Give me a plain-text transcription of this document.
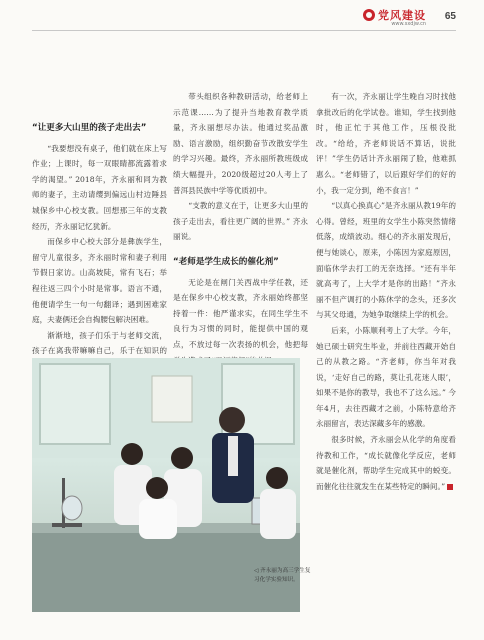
党风建设
www.sxdjw.cn
65
“让更多大山里的孩子走出去”

“我要想没有桌子，他们就在床上写作业；上课时，每一双眼睛都流露着求学的渴望。” 2018年，齐永丽和同为教师的妻子，主动请缨到偏远山村边陲县城保乡中心校支教。回想那三年的支教经历，齐永丽记忆犹新。

而保乡中心校大部分是彝族学生，留守儿童很多，齐永丽时常和妻子利用节假日家访。山高坡陡，常有飞石；举程往返三四个小时是常事。语言不通，他便请学生一句一句翻译；遇到困难家庭，夫妻俩还会自掏腰包解决困难。

渐渐地，孩子们乐于与老师交流，孩子在离我带嘛嘛自己，乐于在知识的

带头组织各种教研活动，给老师上示范课……为了提升当地教育教学质量，齐永丽想尽办法。他通过奖品激励、语言激励，组织勤奋节改散安学生的学习兴趣。最终，齐永丽所教班级成绩大幅提升，2020级超过20人考上了普洱县民族中学等优质初中。

“支教的意义在于，让更多大山里的孩子走出去，看往更广阔的世界。” 齐永丽说。

“老师是学生成长的催化剂”

无论是在闸门关西战中学任教，还是在保乡中心校支教，齐永丽始终都坚持着一件：他严谨求实，在同生学生不良行为习惯的同时，能提供中国的观点，不放过每一次表扬的机会，他把每

有一次，齐永丽让学生晚自习时找他拿批改后的化学试卷。谁知，学生找到他时，他正忙于其他工作，压根没批改。“给给，齐老师说话不算话，说批评！”学生仍话计齐永丽闹了脸，他难抓惠么。“老师错了，以后跟好学们的好的小，我一定分到，绝不食言！”

“以真心换真心”是齐永丽从教19年的心得。曾经，班里的女学生小陈突然情绪低落，成绩波动。细心的齐永丽发现后，便与她谈心，原来，小陈因为家庭原因，面临休学去打工的无奈选择。“还有半年就高考了，上大学才是你的出路！”齐永丽不但产调打的小陈休学的念头，还多次与其父母通，为她争取继续上学的机会。

后来，小陈顺利考上了大学。今年，她已硕士研究生毕业，并前往西藏开始自己的从教之路。“齐老师，你当年对我说，‘走好自己的路，莫让孔花迷人眼’，如果不是你的教导，我也不了这么远。” 今年4月，去往西藏才之前，小陈特意给齐永丽留言，表达深藏多年的感激。

很多时候，齐永丽会从化学的角度看待教和工作，“成长就像化学反应，老师就是催化剂，帮助学生完成其中的蜕变。而催化往往就发生在某些特定的瞬间。”

◁ 齐永丽为高三学生复习化学实验知识。
